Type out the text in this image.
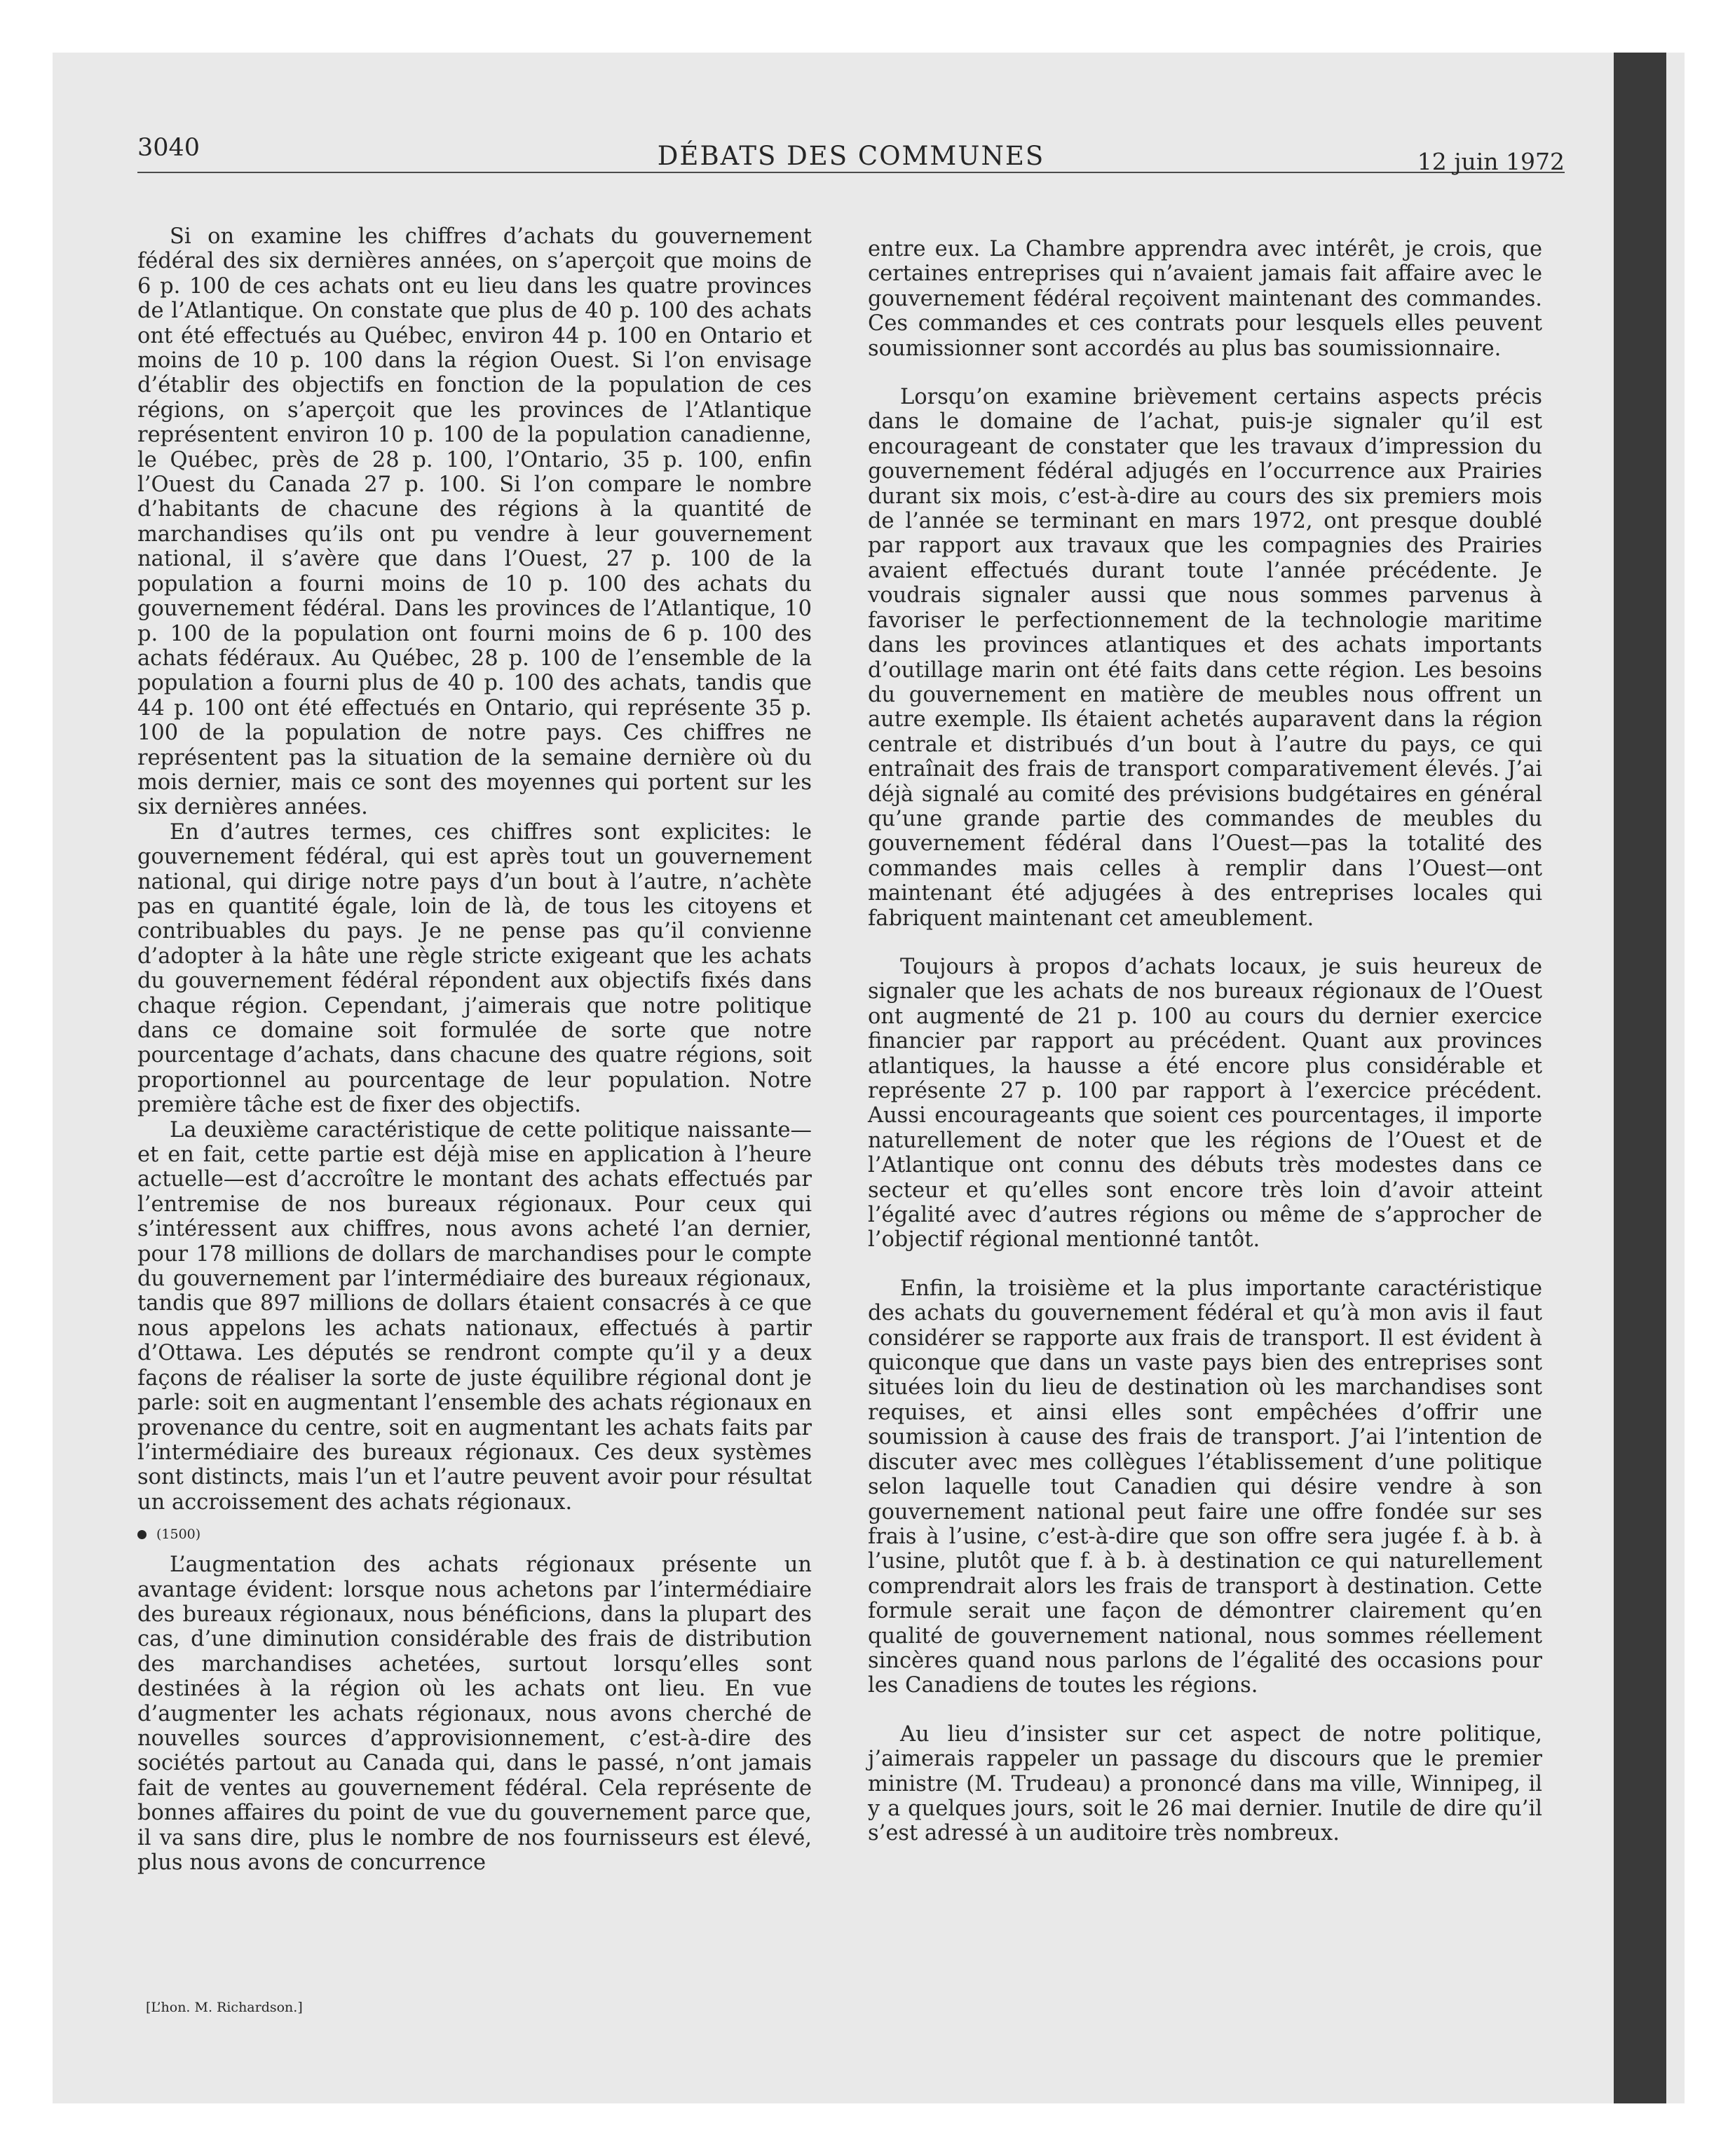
3040	DÉBATS DES COMMUNES	12 juin 1972

Si on examine les chiffres d’achats du gouvernement fédéral des six dernières années, on s’aperçoit que moins de 6 p. 100 de ces achats ont eu lieu dans les quatre provinces de l’Atlantique. On constate que plus de 40 p. 100 des achats ont été effectués au Québec, environ 44 p. 100 en Ontario et moins de 10 p. 100 dans la région Ouest. Si l’on envisage d’établir des objectifs en fonction de la population de ces régions, on s’aperçoit que les provinces de l’Atlantique représentent environ 10 p. 100 de la population canadienne, le Québec, près de 28 p. 100, l’Ontario, 35 p. 100, enfin l’Ouest du Canada 27 p. 100. Si l’on compare le nombre d’habitants de chacune des régions à la quantité de marchandises qu’ils ont pu vendre à leur gouvernement national, il s’avère que dans l’Ouest, 27 p. 100 de la population a fourni moins de 10 p. 100 des achats du gouvernement fédéral. Dans les provinces de l’Atlantique, 10 p. 100 de la population ont fourni moins de 6 p. 100 des achats fédéraux. Au Québec, 28 p. 100 de l’ensemble de la population a fourni plus de 40 p. 100 des achats, tandis que 44 p. 100 ont été effectués en Ontario, qui représente 35 p. 100 de la population de notre pays. Ces chiffres ne représentent pas la situation de la semaine dernière où du mois dernier, mais ce sont des moyennes qui portent sur les six dernières années.

En d’autres termes, ces chiffres sont explicites: le gouvernement fédéral, qui est après tout un gouvernement national, qui dirige notre pays d’un bout à l’autre, n’achète pas en quantité égale, loin de là, de tous les citoyens et contribuables du pays. Je ne pense pas qu’il convienne d’adopter à la hâte une règle stricte exigeant que les achats du gouvernement fédéral répondent aux objectifs fixés dans chaque région. Cependant, j’aimerais que notre politique dans ce domaine soit formulée de sorte que notre pourcentage d’achats, dans chacune des quatre régions, soit proportionnel au pourcentage de leur population. Notre première tâche est de fixer des objectifs.

La deuxième caractéristique de cette politique naissante—et en fait, cette partie est déjà mise en application à l’heure actuelle—est d’accroître le montant des achats effectués par l’entremise de nos bureaux régionaux. Pour ceux qui s’intéressent aux chiffres, nous avons acheté l’an dernier, pour 178 millions de dollars de marchandises pour le compte du gouvernement par l’intermédiaire des bureaux régionaux, tandis que 897 millions de dollars étaient consacrés à ce que nous appelons les achats nationaux, effectués à partir d’Ottawa. Les députés se rendront compte qu’il y a deux façons de réaliser la sorte de juste équilibre régional dont je parle: soit en augmentant l’ensemble des achats régionaux en provenance du centre, soit en augmentant les achats faits par l’intermédiaire des bureaux régionaux. Ces deux systèmes sont distincts, mais l’un et l’autre peuvent avoir pour résultat un accroissement des achats régionaux.

(1500)

L’augmentation des achats régionaux présente un avantage évident: lorsque nous achetons par l’intermédiaire des bureaux régionaux, nous bénéficions, dans la plupart des cas, d’une diminution considérable des frais de distribution des marchandises achetées, surtout lorsqu’elles sont destinées à la région où les achats ont lieu. En vue d’augmenter les achats régionaux, nous avons cherché de nouvelles sources d’approvisionnement, c’est-à-dire des sociétés partout au Canada qui, dans le passé, n’ont jamais fait de ventes au gouvernement fédéral. Cela représente de bonnes affaires du point de vue du gouvernement parce que, il va sans dire, plus le nombre de nos fournisseurs est élevé, plus nous avons de concurrence

[L’hon. M. Richardson.]

entre eux. La Chambre apprendra avec intérêt, je crois, que certaines entreprises qui n’avaient jamais fait affaire avec le gouvernement fédéral reçoivent maintenant des commandes. Ces commandes et ces contrats pour lesquels elles peuvent soumissionner sont accordés au plus bas soumissionnaire.

Lorsqu’on examine brièvement certains aspects précis dans le domaine de l’achat, puis-je signaler qu’il est encourageant de constater que les travaux d’impression du gouvernement fédéral adjugés en l’occurrence aux Prairies durant six mois, c’est-à-dire au cours des six premiers mois de l’année se terminant en mars 1972, ont presque doublé par rapport aux travaux que les compagnies des Prairies avaient effectués durant toute l’année précédente. Je voudrais signaler aussi que nous sommes parvenus à favoriser le perfectionnement de la technologie maritime dans les provinces atlantiques et des achats importants d’outillage marin ont été faits dans cette région. Les besoins du gouvernement en matière de meubles nous offrent un autre exemple. Ils étaient achetés auparavent dans la région centrale et distribués d’un bout à l’autre du pays, ce qui entraînait des frais de transport comparativement élevés. J’ai déjà signalé au comité des prévisions budgétaires en général qu’une grande partie des commandes de meubles du gouvernement fédéral dans l’Ouest—pas la totalité des commandes mais celles à remplir dans l’Ouest—ont maintenant été adjugées à des entreprises locales qui fabriquent maintenant cet ameublement.

Toujours à propos d’achats locaux, je suis heureux de signaler que les achats de nos bureaux régionaux de l’Ouest ont augmenté de 21 p. 100 au cours du dernier exercice financier par rapport au précédent. Quant aux provinces atlantiques, la hausse a été encore plus considérable et représente 27 p. 100 par rapport à l’exercice précédent. Aussi encourageants que soient ces pourcentages, il importe naturellement de noter que les régions de l’Ouest et de l’Atlantique ont connu des débuts très modestes dans ce secteur et qu’elles sont encore très loin d’avoir atteint l’égalité avec d’autres régions ou même de s’approcher de l’objectif régional mentionné tantôt.

Enfin, la troisième et la plus importante caractéristique des achats du gouvernement fédéral et qu’à mon avis il faut considérer se rapporte aux frais de transport. Il est évident à quiconque que dans un vaste pays bien des entreprises sont situées loin du lieu de destination où les marchandises sont requises, et ainsi elles sont empêchées d’offrir une soumission à cause des frais de transport. J’ai l’intention de discuter avec mes collègues l’établissement d’une politique selon laquelle tout Canadien qui désire vendre à son gouvernement national peut faire une offre fondée sur ses frais à l’usine, c’est-à-dire que son offre sera jugée f. à b. à l’usine, plutôt que f. à b. à destination ce qui naturellement comprendrait alors les frais de transport à destination. Cette formule serait une façon de démontrer clairement qu’en qualité de gouvernement national, nous sommes réellement sincères quand nous parlons de l’égalité des occasions pour les Canadiens de toutes les régions.

Au lieu d’insister sur cet aspect de notre politique, j’aimerais rappeler un passage du discours que le premier ministre (M. Trudeau) a prononcé dans ma ville, Winnipeg, il y a quelques jours, soit le 26 mai dernier. Inutile de dire qu’il s’est adressé à un auditoire très nombreux.
